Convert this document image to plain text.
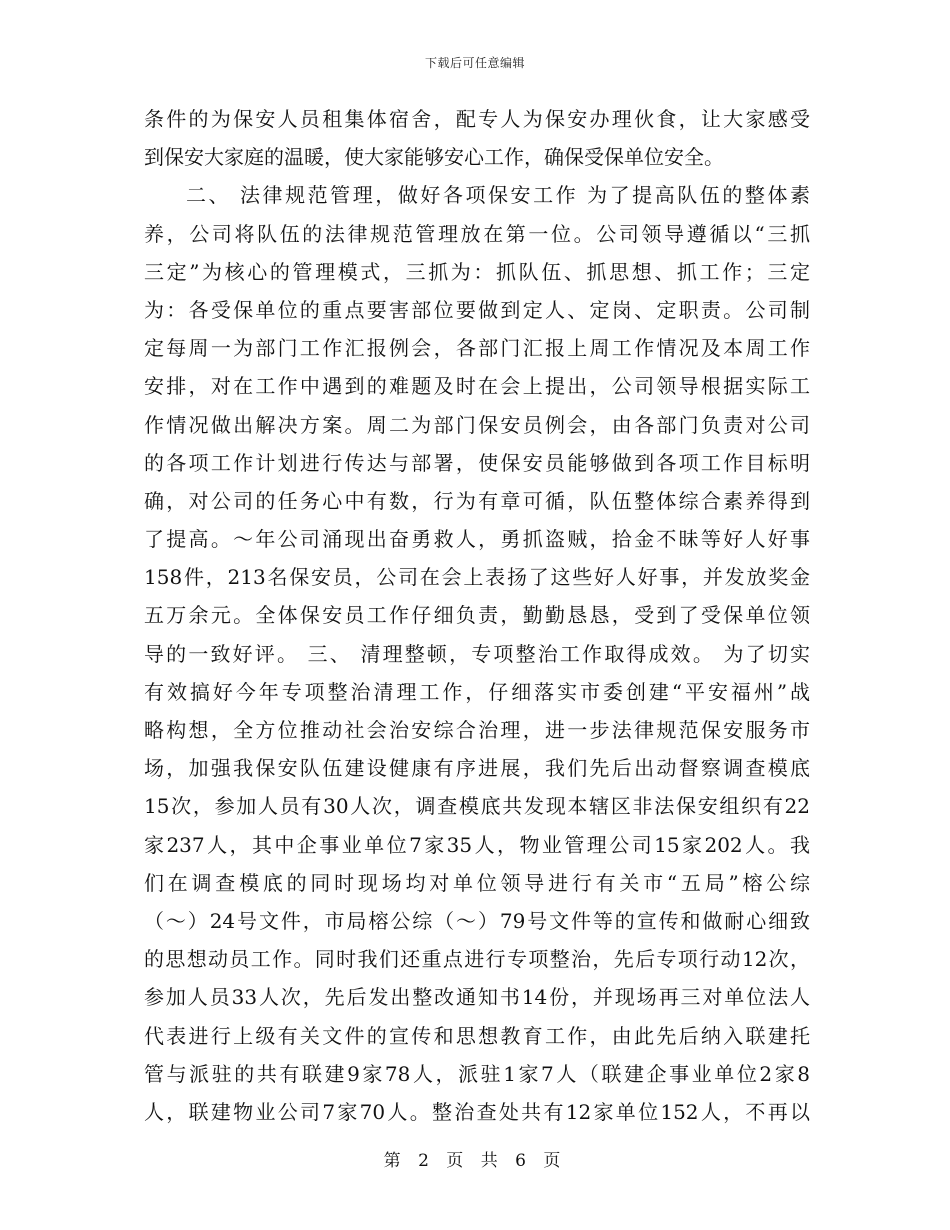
下载后可任意编辑
条件的为保安人员租集体宿舍，配专人为保安办理伙食，让大家感受
到保安大家庭的温暖，使大家能够安心工作，确保受保单位安全。
二、 法律规范管理，做好各项保安工作 为了提高队伍的整体素
养，公司将队伍的法律规范管理放在第一位。公司领导遵循以“三抓
三定”为核心的管理模式，三抓为：抓队伍、抓思想、抓工作；三定
为：各受保单位的重点要害部位要做到定人、定岗、定职责。公司制
定每周一为部门工作汇报例会，各部门汇报上周工作情况及本周工作
安排，对在工作中遇到的难题及时在会上提出，公司领导根据实际工
作情况做出解决方案。周二为部门保安员例会，由各部门负责对公司
的各项工作计划进行传达与部署，使保安员能够做到各项工作目标明
确，对公司的任务心中有数，行为有章可循，队伍整体综合素养得到
了提高。～年公司涌现出奋勇救人，勇抓盗贼，拾金不昧等好人好事
158件，213名保安员，公司在会上表扬了这些好人好事，并发放奖金
五万余元。全体保安员工作仔细负责，勤勤恳恳，受到了受保单位领
导的一致好评。 三、 清理整顿，专项整治工作取得成效。 为了切实
有效搞好今年专项整治清理工作，仔细落实市委创建“平安福州”战
略构想，全方位推动社会治安综合治理，进一步法律规范保安服务市
场，加强我保安队伍建设健康有序进展，我们先后出动督察调查模底
15次，参加人员有30人次，调查模底共发现本辖区非法保安组织有22
家237人，其中企事业单位7家35人，物业管理公司15家202人。我
们在调查模底的同时现场均对单位领导进行有关市“五局”榕公综
（～）24号文件，市局榕公综（～）79号文件等的宣传和做耐心细致
的思想动员工作。同时我们还重点进行专项整治，先后专项行动12次，
参加人员33人次，先后发出整改通知书14份，并现场再三对单位法人
代表进行上级有关文件的宣传和思想教育工作，由此先后纳入联建托
管与派驻的共有联建9家78人，派驻1家7人（联建企事业单位2家8
人，联建物业公司7家70人。整治查处共有12家单位152人，不再以
第 2 页 共 6 页
